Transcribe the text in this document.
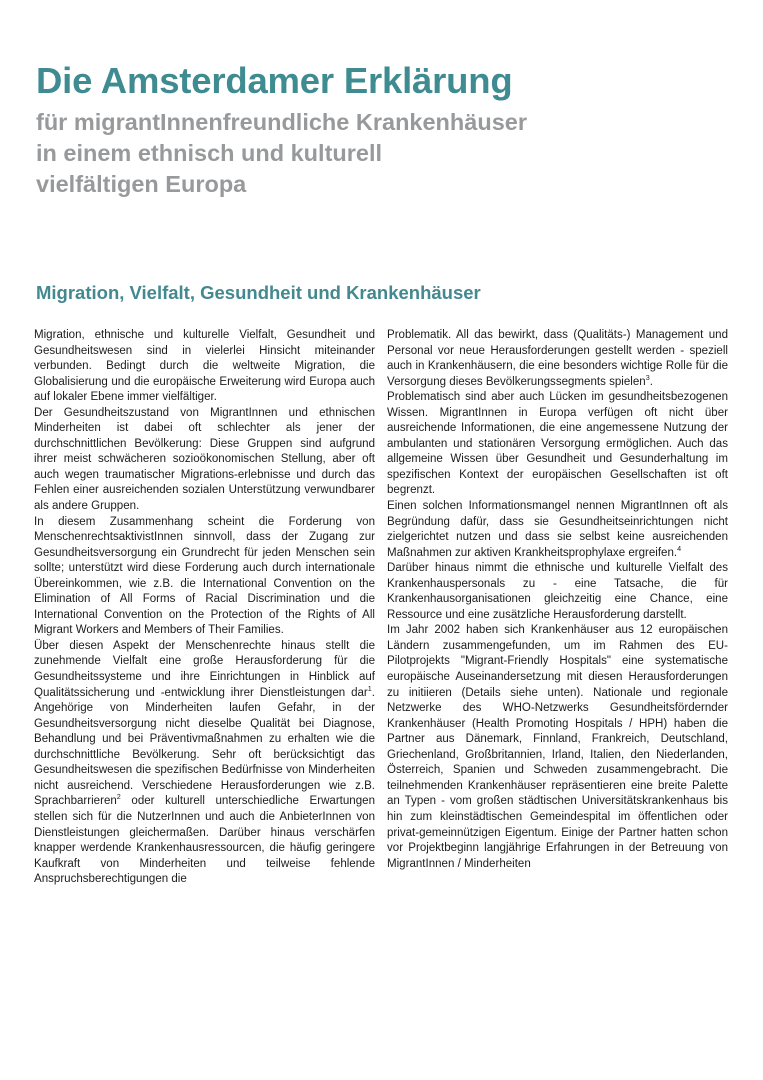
Die Amsterdamer Erklärung
für migrantInnenfreundliche Krankenhäuser
in einem ethnisch und kulturell
vielfältigen Europa
Migration, Vielfalt, Gesundheit und Krankenhäuser

Migration, ethnische und kulturelle Vielfalt, Gesundheit und Gesundheitswesen sind in vielerlei Hinsicht miteinander verbunden. Bedingt durch die weltweite Migration, die Globalisierung und die europäische Erweiterung wird Europa auch auf lokaler Ebene immer vielfältiger.

Der Gesundheitszustand von MigrantInnen und ethnischen Minderheiten ist dabei oft schlechter als jener der durchschnittlichen Bevölkerung: Diese Gruppen sind aufgrund ihrer meist schwächeren sozioökonomischen Stellung, aber oft auch wegen traumatischer Migrations-erlebnisse und durch das Fehlen einer ausreichenden sozialen Unterstützung verwundbarer als andere Gruppen.

In diesem Zusammenhang scheint die Forderung von MenschenrechtsaktivistInnen sinnvoll, dass der Zugang zur Gesundheitsversorgung ein Grundrecht für jeden Menschen sein sollte; unterstützt wird diese Forderung auch durch internationale Übereinkommen, wie z.B. die International Convention on the Elimination of All Forms of Racial Discrimination und die International Convention on the Protection of the Rights of All Migrant Workers and Members of Their Families.

Über diesen Aspekt der Menschenrechte hinaus stellt die zunehmende Vielfalt eine große Herausforderung für die Gesundheitssysteme und ihre Einrichtungen in Hinblick auf Qualitätssicherung und -entwicklung ihrer Dienstleistungen dar$^1$. Angehörige von Minderheiten laufen Gefahr, in der Gesundheitsversorgung nicht dieselbe Qualität bei Diagnose, Behandlung und bei Präventivmaßnahmen zu erhalten wie die durchschnittliche Bevölkerung. Sehr oft berücksichtigt das Gesundheitswesen die spezifischen Bedürfnisse von Minderheiten nicht ausreichend. Verschiedene Herausforderungen wie z.B. Sprachbarrieren$^2$ oder kulturell unterschiedliche Erwartungen stellen sich für die NutzerInnen und auch die AnbieterInnen von Dienstleistungen gleichermaßen. Darüber hinaus verschärfen knapper werdende Krankenhausressourcen, die häufig geringere Kaufkraft von Minderheiten und teilweise fehlende Anspruchsberechtigungen die

Problematik. All das bewirkt, dass (Qualitäts-) Management und Personal vor neue Herausforderungen gestellt werden - speziell auch in Krankenhäusern, die eine besonders wichtige Rolle für die Versorgung dieses Bevölkerungssegments spielen$^3$.

Problematisch sind aber auch Lücken im gesundheitsbezogenen Wissen. MigrantInnen in Europa verfügen oft nicht über ausreichende Informationen, die eine angemessene Nutzung der ambulanten und stationären Versorgung ermöglichen. Auch das allgemeine Wissen über Gesundheit und Gesunderhaltung im spezifischen Kontext der europäischen Gesellschaften ist oft begrenzt.

Einen solchen Informationsmangel nennen MigrantInnen oft als Begründung dafür, dass sie Gesundheitseinrichtungen nicht zielgerichtet nutzen und dass sie selbst keine ausreichenden Maßnahmen zur aktiven Krankheitsprophylaxe ergreifen.$^4$

Darüber hinaus nimmt die ethnische und kulturelle Vielfalt des Krankenhauspersonals zu - eine Tatsache, die für Krankenhausorganisationen gleichzeitig eine Chance, eine Ressource und eine zusätzliche Herausforderung darstellt.

Im Jahr 2002 haben sich Krankenhäuser aus 12 europäischen Ländern zusammengefunden, um im Rahmen des EU-Pilotprojekts "Migrant-Friendly Hospitals" eine systematische europäische Auseinandersetzung mit diesen Herausforderungen zu initiieren (Details siehe unten). Nationale und regionale Netzwerke des WHO-Netzwerks Gesundheitsfördernder Krankenhäuser (Health Promoting Hospitals / HPH) haben die Partner aus Dänemark, Finnland, Frankreich, Deutschland, Griechenland, Großbritannien, Irland, Italien, den Niederlanden, Österreich, Spanien und Schweden zusammengebracht. Die teilnehmenden Krankenhäuser repräsentieren eine breite Palette an Typen - vom großen städtischen Universitätskrankenhaus bis hin zum kleinstädtischen Gemeindespital im öffentlichen oder privat-gemeinnützigen Eigentum. Einige der Partner hatten schon vor Projektbeginn langjährige Erfahrungen in der Betreuung von MigrantInnen / Minderheiten
